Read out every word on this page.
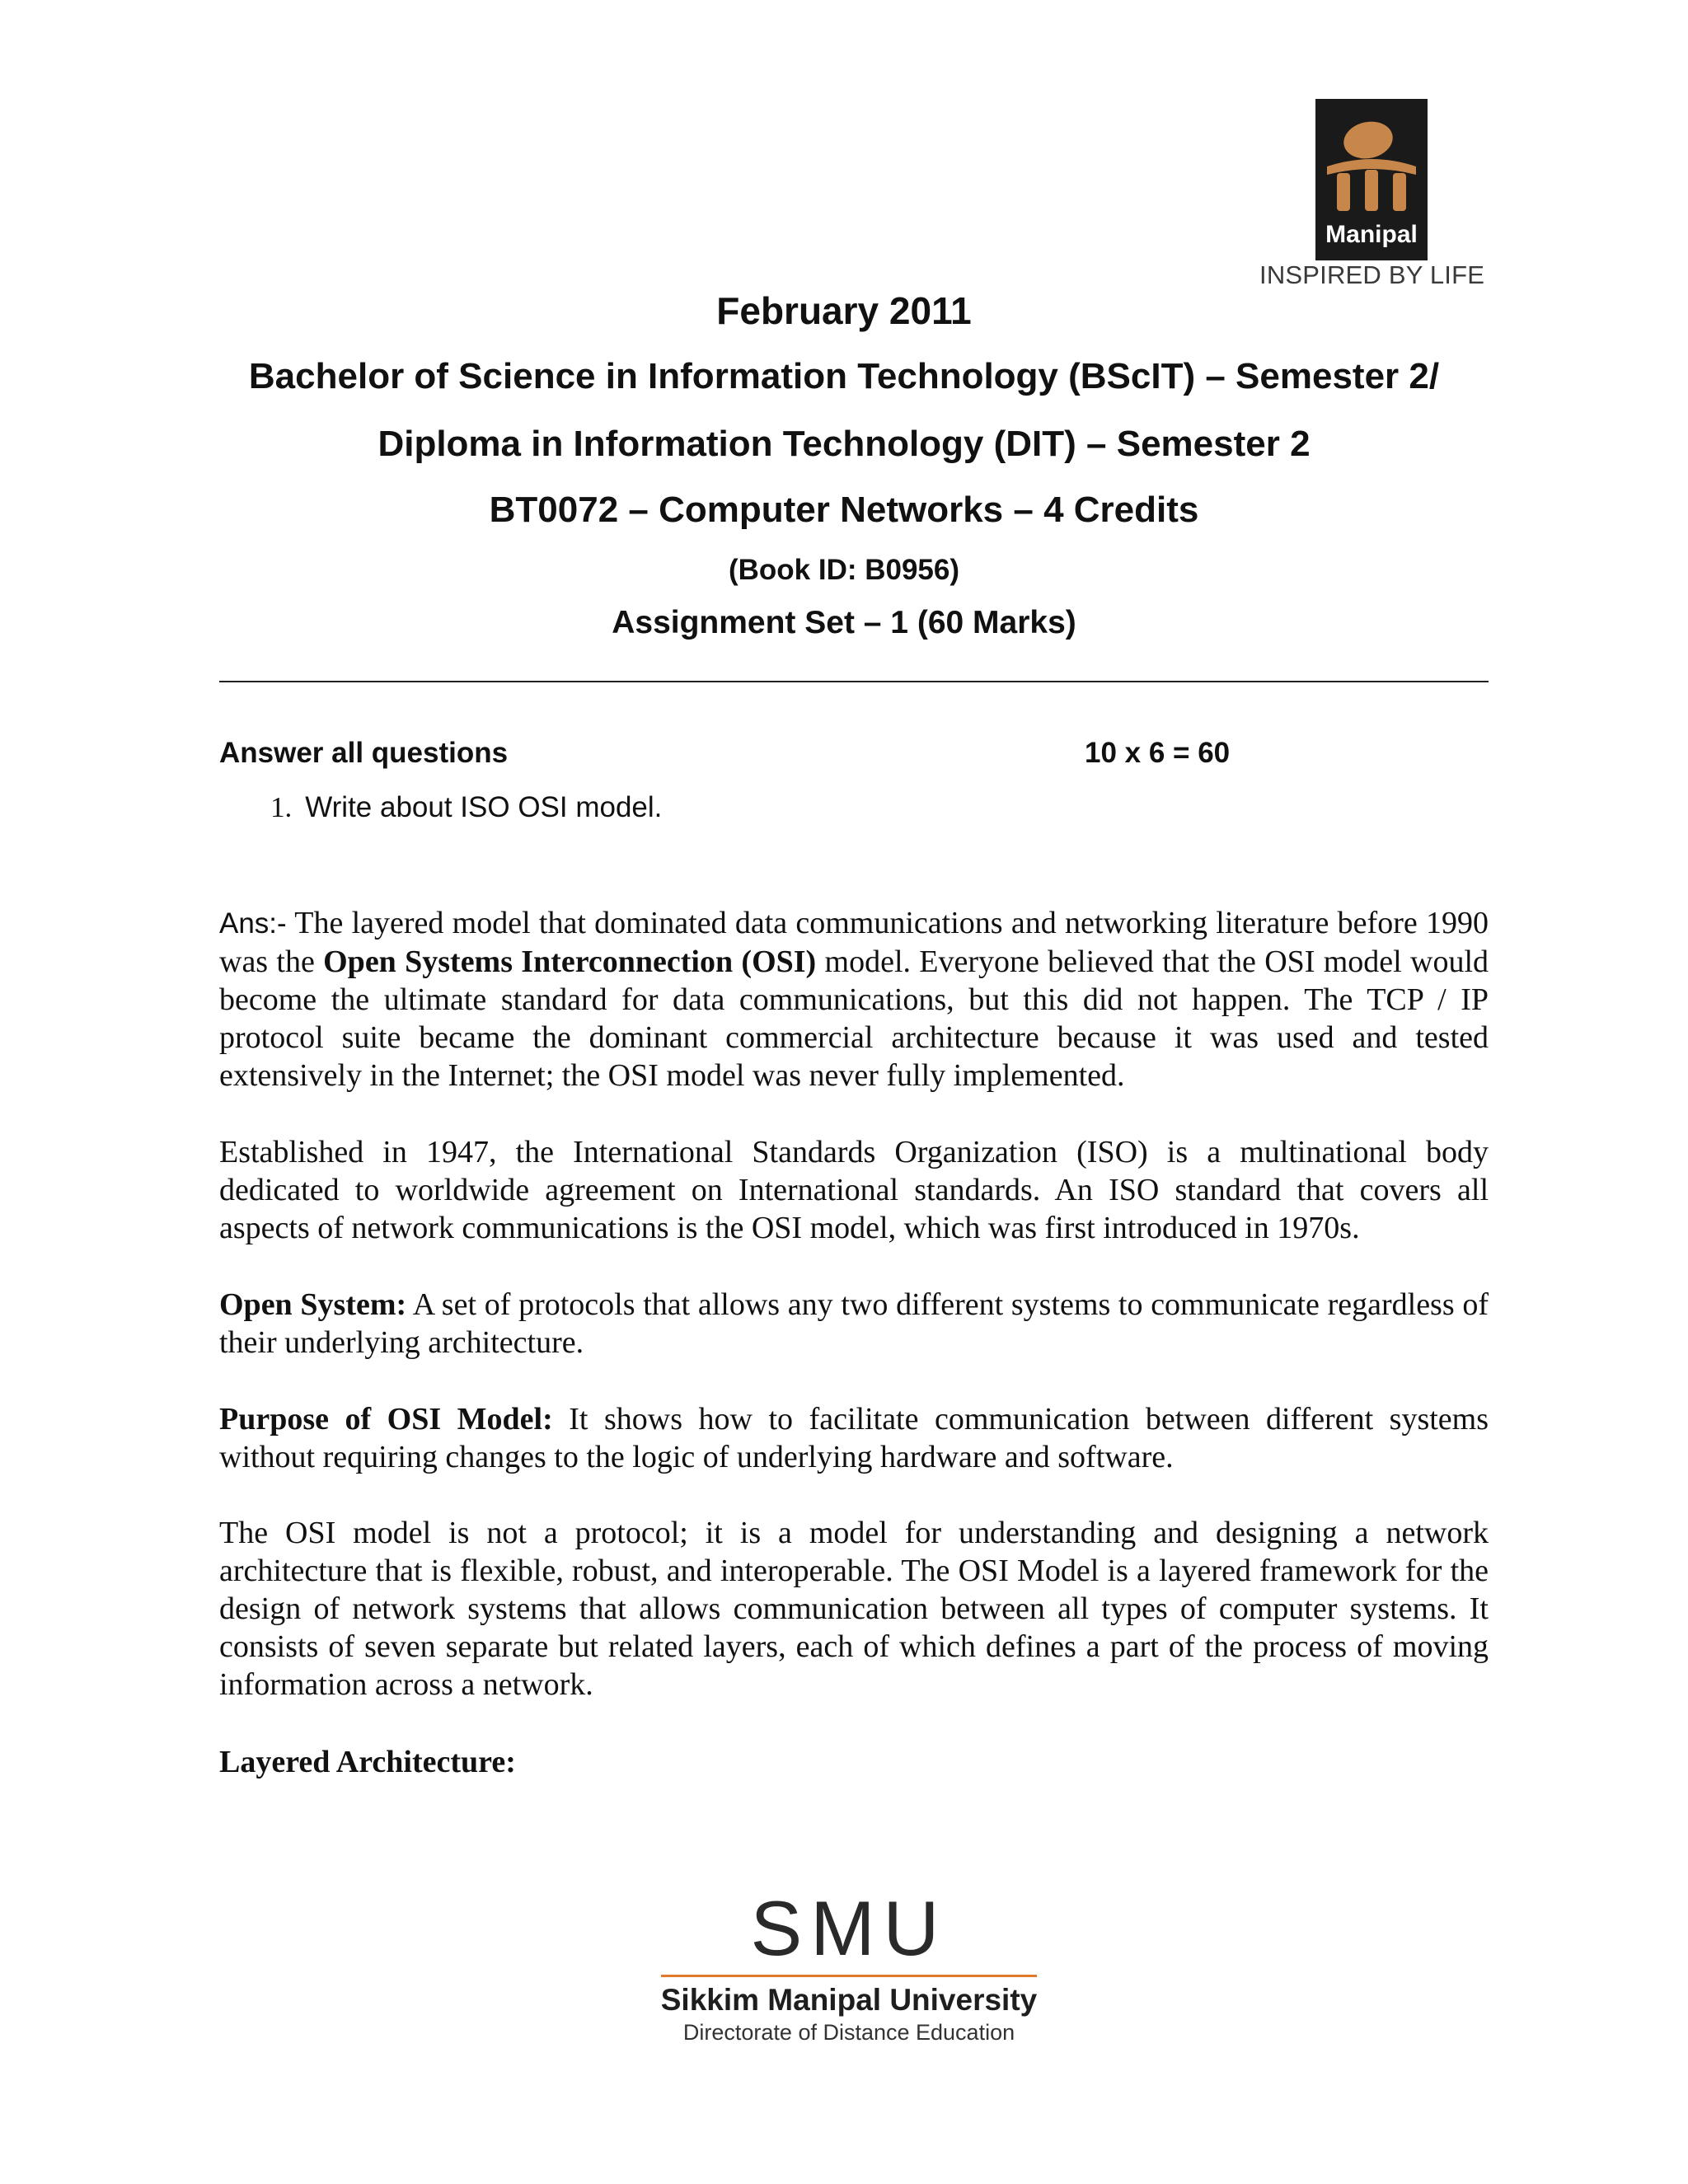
Manipal
INSPIRED BY LIFE
February 2011
Bachelor of Science in Information Technology (BScIT) – Semester 2/
Diploma in Information Technology (DIT) – Semester 2
BT0072 – Computer Networks – 4 Credits
(Book ID: B0956)
Assignment Set – 1 (60 Marks)
Answer all questions	10 x 6 = 60
1. Write about ISO OSI model.
Ans:- The layered model that dominated data communications and networking literature before 1990 was the Open Systems Interconnection (OSI) model. Everyone believed that the OSI model would become the ultimate standard for data communications, but this did not happen. The TCP / IP protocol suite became the dominant commercial architecture because it was used and tested extensively in the Internet; the OSI model was never fully implemented.
Established in 1947, the International Standards Organization (ISO) is a multinational body dedicated to worldwide agreement on International standards. An ISO standard that covers all aspects of network communications is the OSI model, which was first introduced in 1970s.
Open System: A set of protocols that allows any two different systems to communicate regardless of their underlying architecture.
Purpose of OSI Model: It shows how to facilitate communication between different systems without requiring changes to the logic of underlying hardware and software.
The OSI model is not a protocol; it is a model for understanding and designing a network architecture that is flexible, robust, and interoperable. The OSI Model is a layered framework for the design of network systems that allows communication between all types of computer systems. It consists of seven separate but related layers, each of which defines a part of the process of moving information across a network.
Layered Architecture:
SMU
Sikkim Manipal University
Directorate of Distance Education
